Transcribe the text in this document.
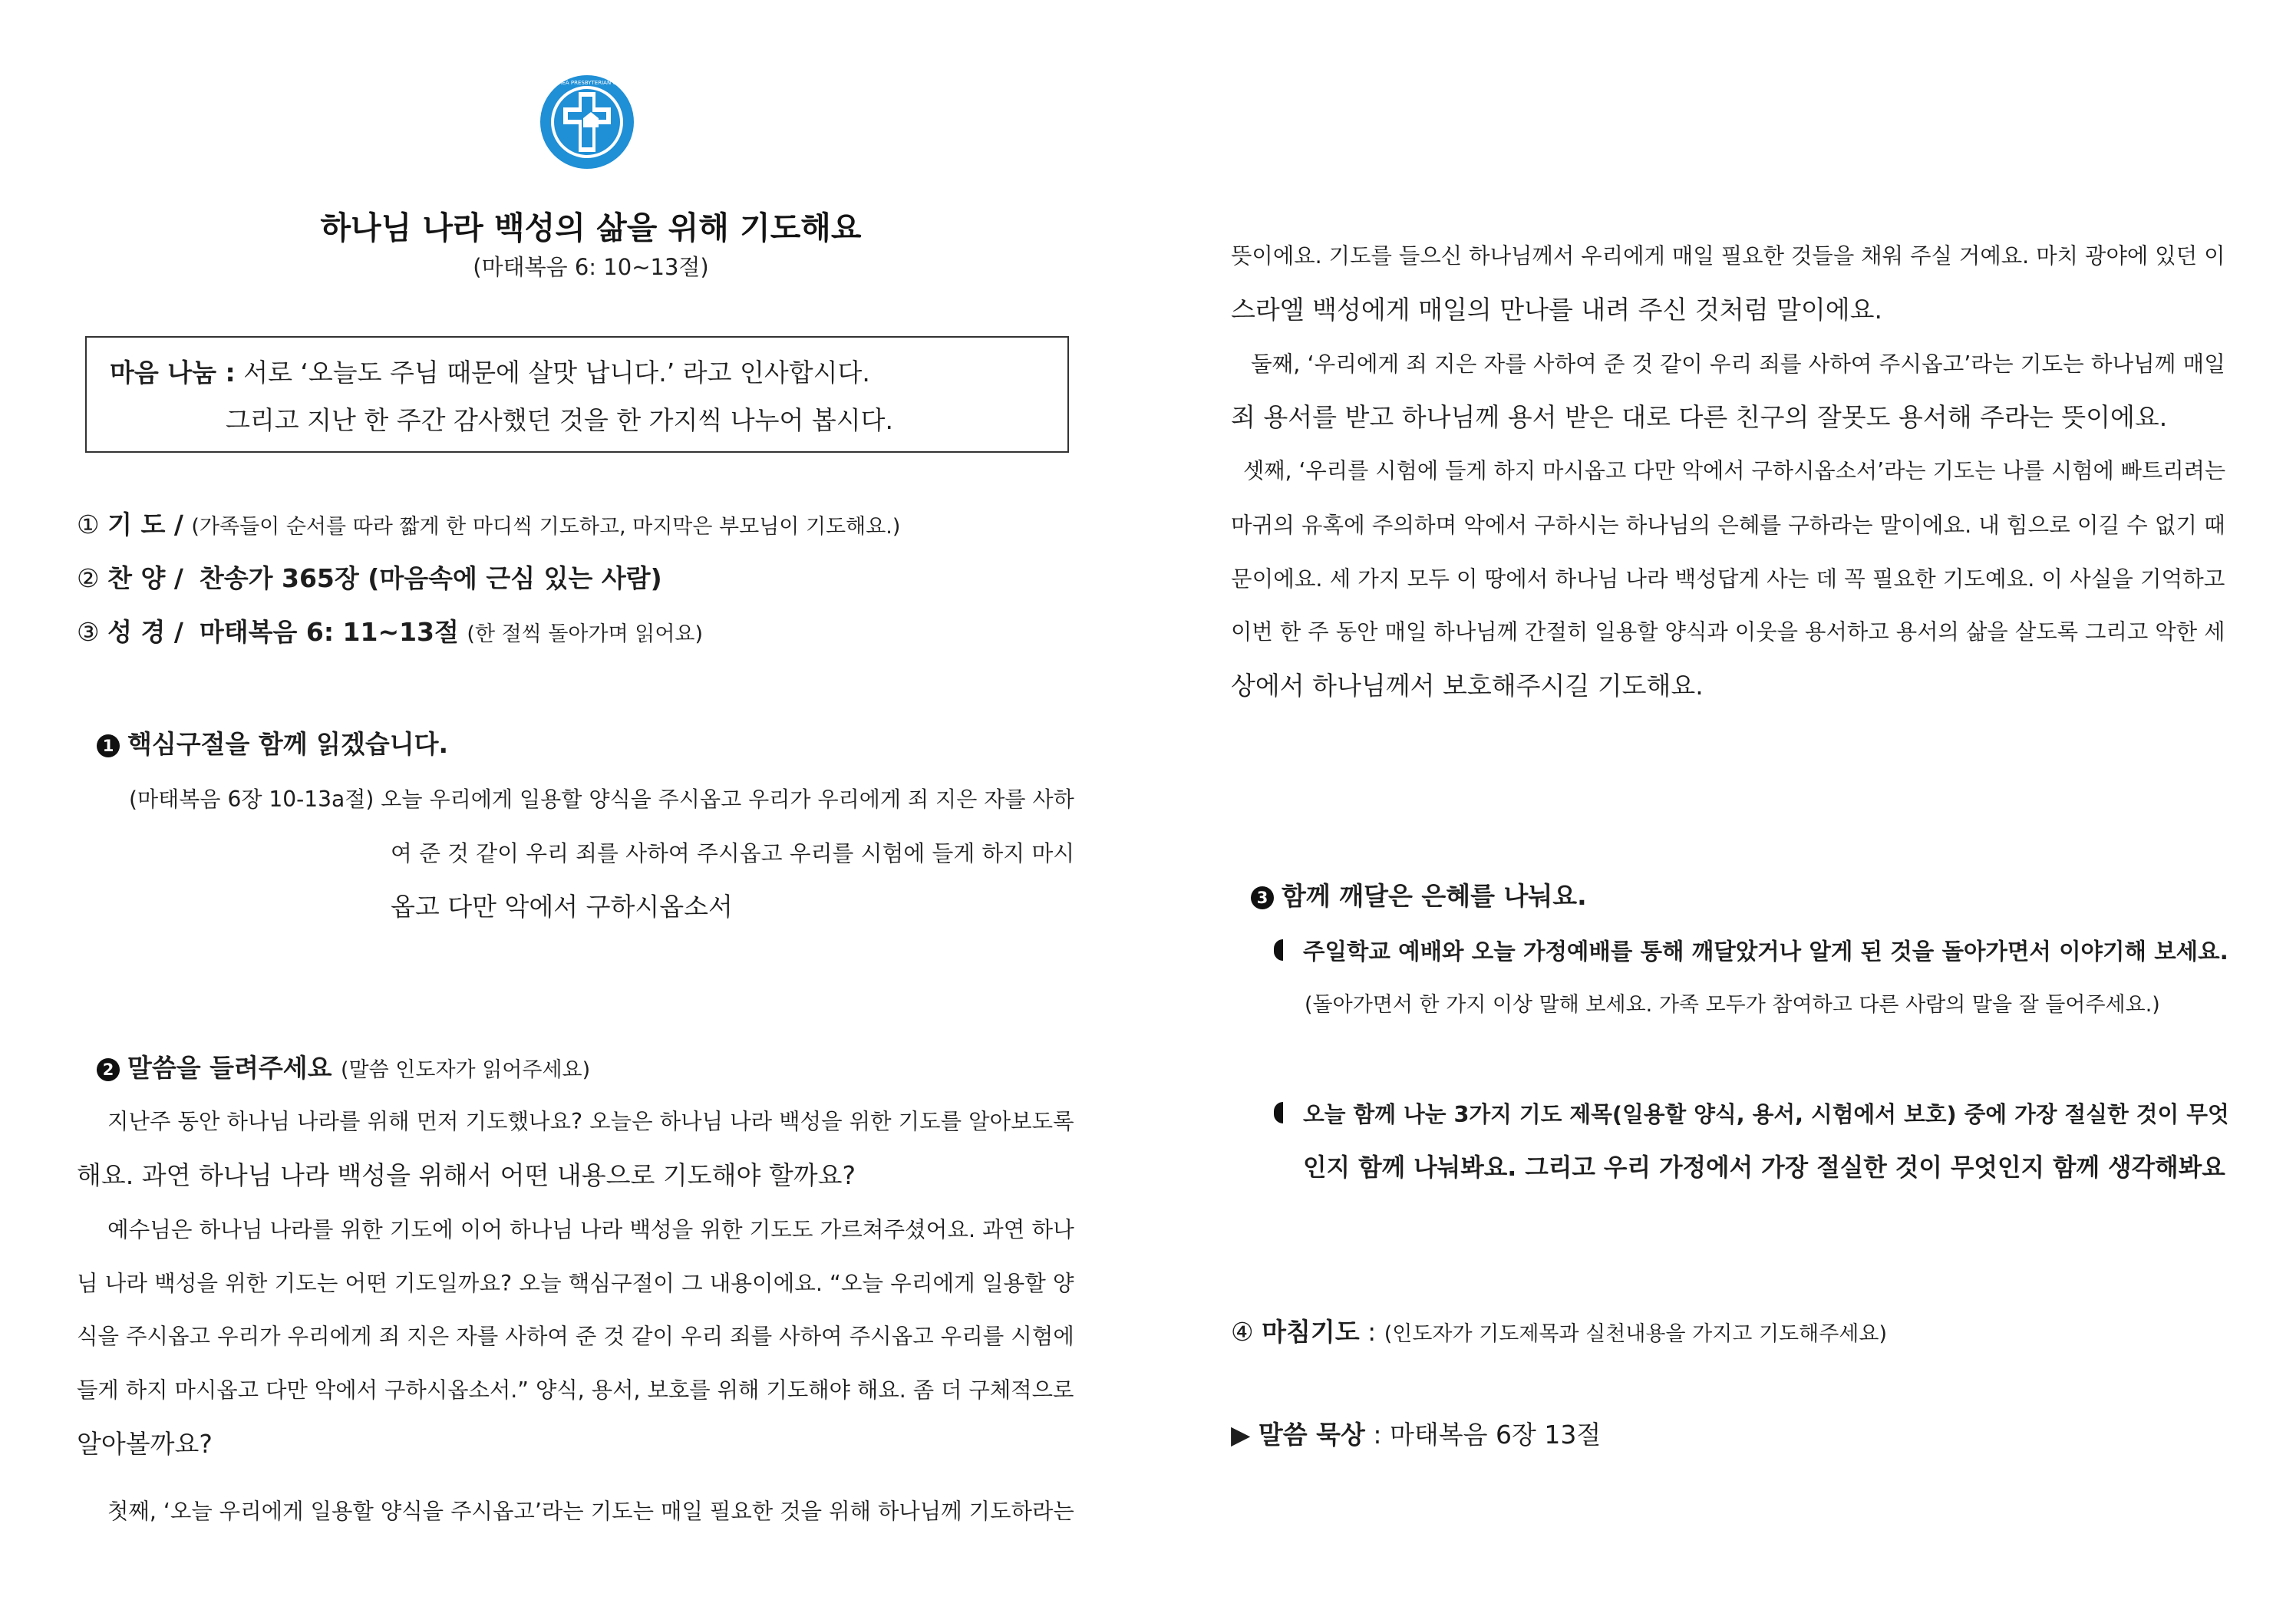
THE KOREA PRESBYTERIAN CHURCH
하나님 나라 백성의 삶을 위해 기도해요
(마태복음 6: 10~13절)
마음 나눔 : 서로 ‘오늘도 주님 때문에 살맛 납니다.’ 라고 인사합시다.
그리고 지난 한 주간 감사했던 것을 한 가지씩 나누어 봅시다.
① 기 도 / (가족들이 순서를 따라 짧게 한 마디씩 기도하고, 마지막은 부모님이 기도해요.)
② 찬 양 / 찬송가 365장 (마음속에 근심 있는 사람)
③ 성 경 / 마태복음 6: 11~13절 (한 절씩 돌아가며 읽어요)
1 핵심구절을 함께 읽겠습니다.
(마태복음 6장 10-13a절) 오늘 우리에게 일용할 양식을 주시옵고 우리가 우리에게 죄 지은 자를 사하
여 준 것 같이 우리 죄를 사하여 주시옵고 우리를 시험에 들게 하지 마시
옵고 다만 악에서 구하시옵소서
2 말씀을 들려주세요 (말씀 인도자가 읽어주세요)
지난주 동안 하나님 나라를 위해 먼저 기도했나요? 오늘은 하나님 나라 백성을 위한 기도를 알아보도록
해요. 과연 하나님 나라 백성을 위해서 어떤 내용으로 기도해야 할까요?
예수님은 하나님 나라를 위한 기도에 이어 하나님 나라 백성을 위한 기도도 가르쳐주셨어요. 과연 하나
님 나라 백성을 위한 기도는 어떤 기도일까요? 오늘 핵심구절이 그 내용이에요. “오늘 우리에게 일용할 양
식을 주시옵고 우리가 우리에게 죄 지은 자를 사하여 준 것 같이 우리 죄를 사하여 주시옵고 우리를 시험에
들게 하지 마시옵고 다만 악에서 구하시옵소서.” 양식, 용서, 보호를 위해 기도해야 해요. 좀 더 구체적으로
알아볼까요?
첫째, ‘오늘 우리에게 일용할 양식을 주시옵고’라는 기도는 매일 필요한 것을 위해 하나님께 기도하라는
뜻이에요. 기도를 들으신 하나님께서 우리에게 매일 필요한 것들을 채워 주실 거예요. 마치 광야에 있던 이
스라엘 백성에게 매일의 만나를 내려 주신 것처럼 말이에요.
둘째, ‘우리에게 죄 지은 자를 사하여 준 것 같이 우리 죄를 사하여 주시옵고’라는 기도는 하나님께 매일
죄 용서를 받고 하나님께 용서 받은 대로 다른 친구의 잘못도 용서해 주라는 뜻이에요.
셋째, ‘우리를 시험에 들게 하지 마시옵고 다만 악에서 구하시옵소서’라는 기도는 나를 시험에 빠트리려는
마귀의 유혹에 주의하며 악에서 구하시는 하나님의 은혜를 구하라는 말이에요. 내 힘으로 이길 수 없기 때
문이에요. 세 가지 모두 이 땅에서 하나님 나라 백성답게 사는 데 꼭 필요한 기도예요. 이 사실을 기억하고
이번 한 주 동안 매일 하나님께 간절히 일용할 양식과 이웃을 용서하고 용서의 삶을 살도록 그리고 악한 세
상에서 하나님께서 보호해주시길 기도해요.
3 함께 깨달은 은혜를 나눠요.
주일학교 예배와 오늘 가정예배를 통해 깨달았거나 알게 된 것을 돌아가면서 이야기해 보세요.
(돌아가면서 한 가지 이상 말해 보세요. 가족 모두가 참여하고 다른 사람의 말을 잘 들어주세요.)
오늘 함께 나눈 3가지 기도 제목(일용할 양식, 용서, 시험에서 보호) 중에 가장 절실한 것이 무엇
인지 함께 나눠봐요. 그리고 우리 가정에서 가장 절실한 것이 무엇인지 함께 생각해봐요
④ 마침기도 : (인도자가 기도제목과 실천내용을 가지고 기도해주세요)
▶ 말씀 묵상 : 마태복음 6장 13절
